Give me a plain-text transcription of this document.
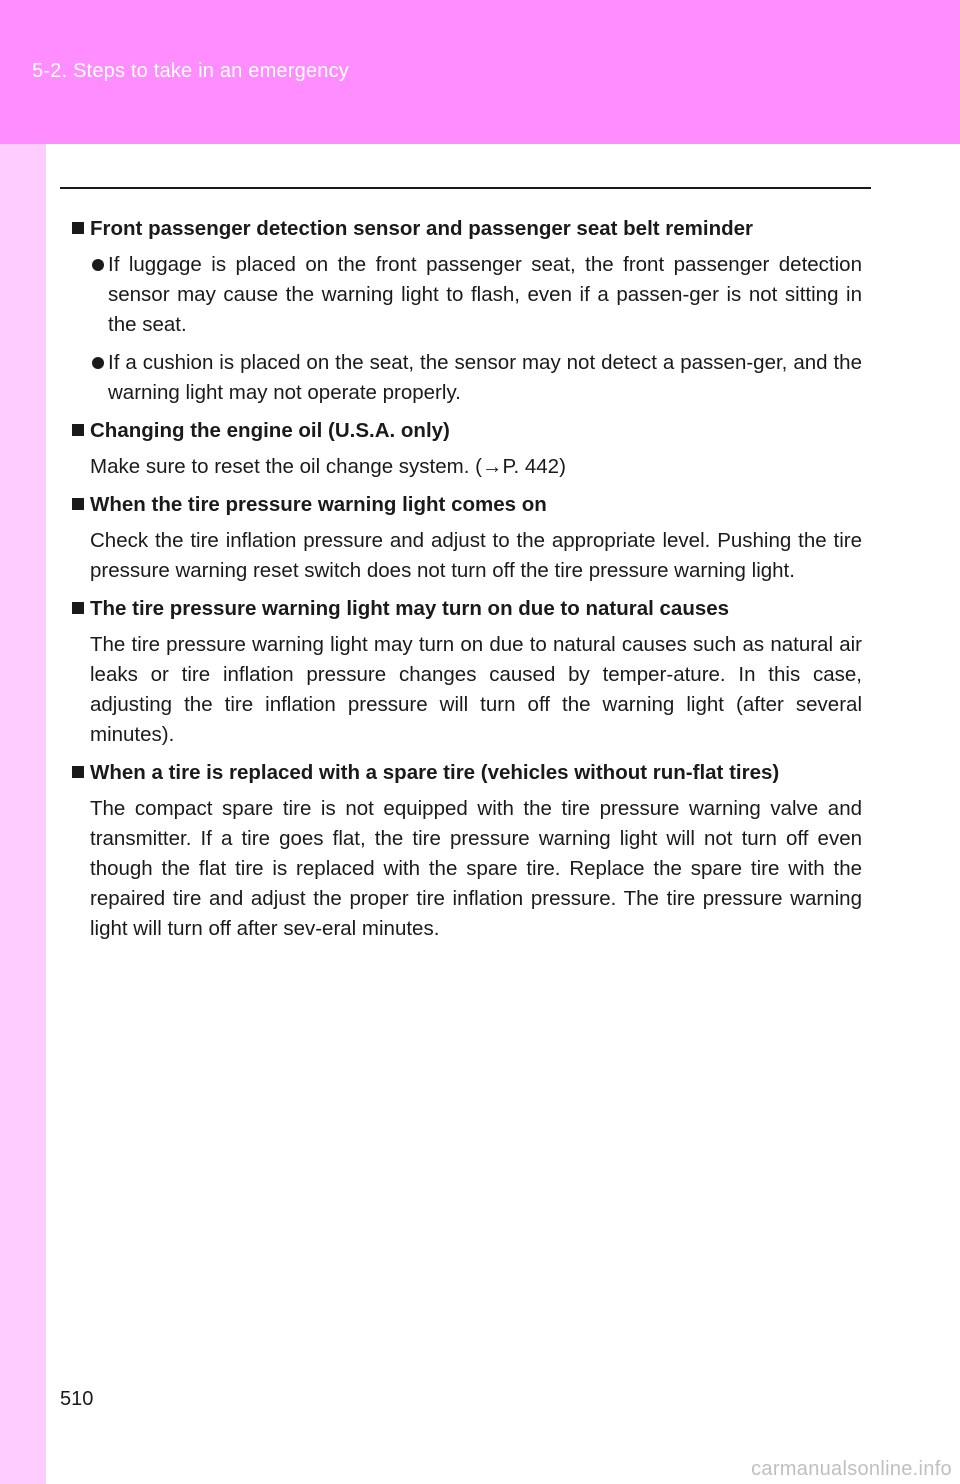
5-2. Steps to take in an emergency
Front passenger detection sensor and passenger seat belt reminder
If luggage is placed on the front passenger seat, the front passenger detection sensor may cause the warning light to flash, even if a passen-ger is not sitting in the seat.
If a cushion is placed on the seat, the sensor may not detect a passen-ger, and the warning light may not operate properly.
Changing the engine oil (U.S.A. only)
Make sure to reset the oil change system. (→P. 442)
When the tire pressure warning light comes on
Check the tire inflation pressure and adjust to the appropriate level. Pushing the tire pressure warning reset switch does not turn off the tire pressure warning light.
The tire pressure warning light may turn on due to natural causes
The tire pressure warning light may turn on due to natural causes such as natural air leaks or tire inflation pressure changes caused by temper-ature. In this case, adjusting the tire inflation pressure will turn off the warning light (after several minutes).
When a tire is replaced with a spare tire (vehicles without run-flat tires)
The compact spare tire is not equipped with the tire pressure warning valve and transmitter. If a tire goes flat, the tire pressure warning light will not turn off even though the flat tire is replaced with the spare tire. Replace the spare tire with the repaired tire and adjust the proper tire inflation pressure. The tire pressure warning light will turn off after sev-eral minutes.
510
carmanualsonline.info
